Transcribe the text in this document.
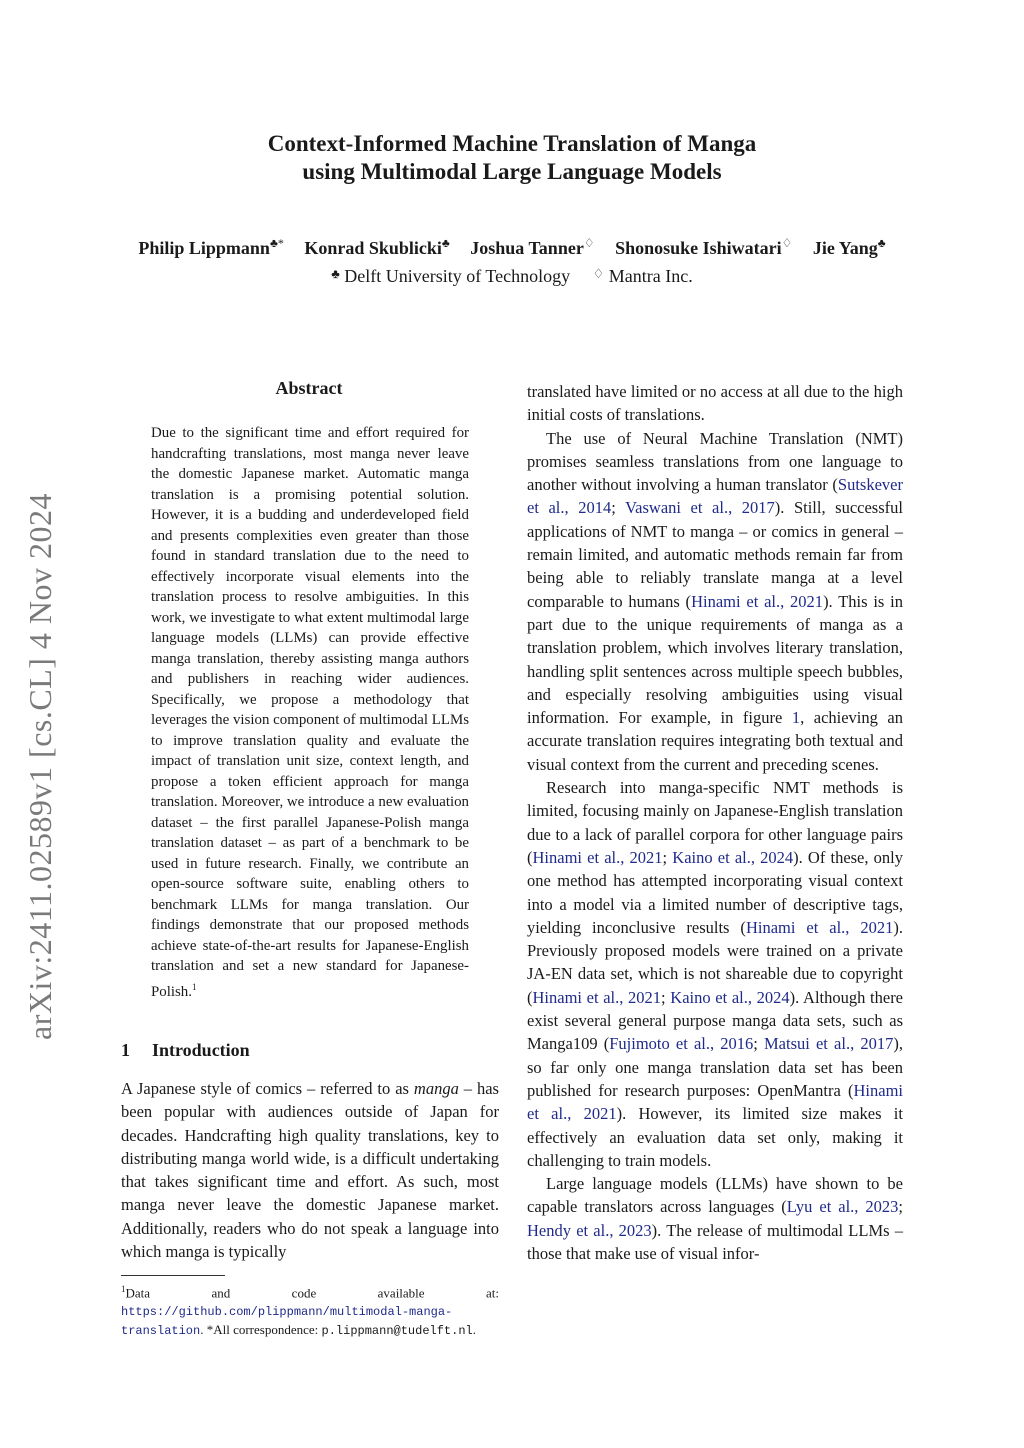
Context-Informed Machine Translation of Manga
using Multimodal Large Language Models
Philip Lippmann♣* Konrad Skublicki♣ Joshua Tanner♢ Shonosuke Ishiwatari♢ Jie Yang♣
♣ Delft University of Technology ♢ Mantra Inc.
arXiv:2411.02589v1 [cs.CL] 4 Nov 2024
Abstract
Due to the significant time and effort required for handcrafting translations, most manga never leave the domestic Japanese market. Automatic manga translation is a promising potential solution. However, it is a budding and underdeveloped field and presents complexities even greater than those found in standard translation due to the need to effectively incorporate visual elements into the translation process to resolve ambiguities. In this work, we investigate to what extent multimodal large language models (LLMs) can provide effective manga translation, thereby assisting manga authors and publishers in reaching wider audiences. Specifically, we propose a methodology that leverages the vision component of multimodal LLMs to improve translation quality and evaluate the impact of translation unit size, context length, and propose a token efficient approach for manga translation. Moreover, we introduce a new evaluation dataset – the first parallel Japanese-Polish manga translation dataset – as part of a benchmark to be used in future research. Finally, we contribute an open-source software suite, enabling others to benchmark LLMs for manga translation. Our findings demonstrate that our proposed methods achieve state-of-the-art results for Japanese-English translation and set a new standard for Japanese-Polish.$^1$
1 Introduction
A Japanese style of comics – referred to as manga – has been popular with audiences outside of Japan for decades. Handcrafting high quality translations, key to distributing manga world wide, is a difficult undertaking that takes significant time and effort. As such, most manga never leave the domestic Japanese market. Additionally, readers who do not speak a language into which manga is typically
$^1$Data and code available at: https://github.com/plippmann/multimodal-manga-translation. *All correspondence: p.lippmann@tudelft.nl.

translated have limited or no access at all due to the high initial costs of translations.

The use of Neural Machine Translation (NMT) promises seamless translations from one language to another without involving a human translator (Sutskever et al., 2014; Vaswani et al., 2017). Still, successful applications of NMT to manga – or comics in general – remain limited, and automatic methods remain far from being able to reliably translate manga at a level comparable to humans (Hinami et al., 2021). This is in part due to the unique requirements of manga as a translation problem, which involves literary translation, handling split sentences across multiple speech bubbles, and especially resolving ambiguities using visual information. For example, in figure 1, achieving an accurate translation requires integrating both textual and visual context from the current and preceding scenes.

Research into manga-specific NMT methods is limited, focusing mainly on Japanese-English translation due to a lack of parallel corpora for other language pairs (Hinami et al., 2021; Kaino et al., 2024). Of these, only one method has attempted incorporating visual context into a model via a limited number of descriptive tags, yielding inconclusive results (Hinami et al., 2021). Previously proposed models were trained on a private JA-EN data set, which is not shareable due to copyright (Hinami et al., 2021; Kaino et al., 2024). Although there exist several general purpose manga data sets, such as Manga109 (Fujimoto et al., 2016; Matsui et al., 2017), so far only one manga translation data set has been published for research purposes: OpenMantra (Hinami et al., 2021). However, its limited size makes it effectively an evaluation data set only, making it challenging to train models.

Large language models (LLMs) have shown to be capable translators across languages (Lyu et al., 2023; Hendy et al., 2023). The release of multimodal LLMs – those that make use of visual infor-
